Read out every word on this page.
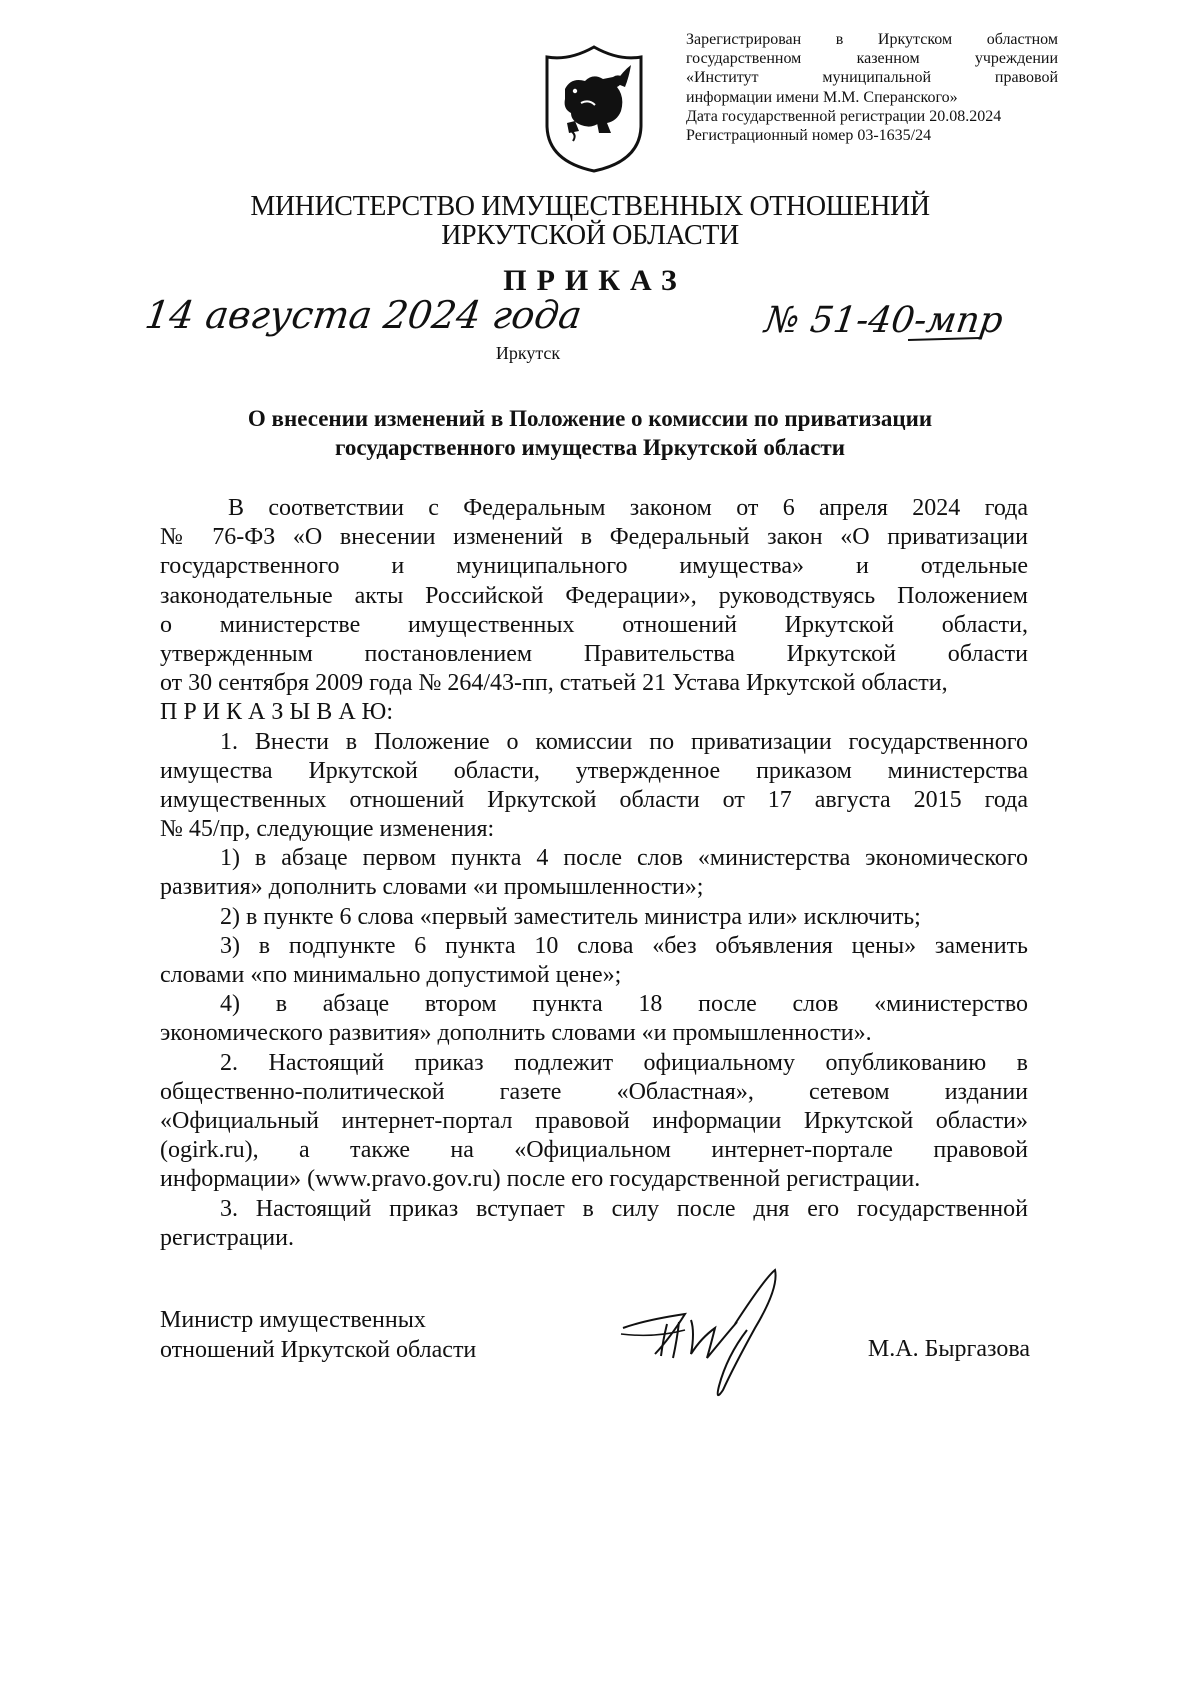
Зарегистрирован в Иркутском областном
государственном казенном учреждении
«Институт муниципальной правовой
информации имени М.М. Сперанского»
Дата государственной регистрации 20.08.2024
Регистрационный номер 03-1635/24
МИНИСТЕРСТВО ИМУЩЕСТВЕННЫХ ОТНОШЕНИЙ
ИРКУТСКОЙ ОБЛАСТИ
ПРИКАЗ
14 августа 2024 года	№ 51-40-мпр
Иркутск
О внесении изменений в Положение о комиссии по приватизации
государственного имущества Иркутской области
В соответствии с Федеральным законом от 6 апреля 2024 года
№ 76-ФЗ «О внесении изменений в Федеральный закон «О приватизации
государственного и муниципального имущества» и отдельные
законодательные акты Российской Федерации», руководствуясь Положением
о министерстве имущественных отношений Иркутской области,
утвержденным постановлением Правительства Иркутской области
от 30 сентября 2009 года № 264/43-пп, статьей 21 Устава Иркутской области,
П Р И К А З Ы В А Ю:
1. Внести в Положение о комиссии по приватизации государственного
имущества Иркутской области, утвержденное приказом министерства
имущественных отношений Иркутской области от 17 августа 2015 года
№ 45/пр, следующие изменения:
1) в абзаце первом пункта 4 после слов «министерства экономического
развития» дополнить словами «и промышленности»;
2) в пункте 6 слова «первый заместитель министра или» исключить;
3) в подпункте 6 пункта 10 слова «без объявления цены» заменить
словами «по минимально допустимой цене»;
4) в абзаце втором пункта 18 после слов «министерство
экономического развития» дополнить словами «и промышленности».
2. Настоящий приказ подлежит официальному опубликованию в
общественно-политической газете «Областная», сетевом издании
«Официальный интернет-портал правовой информации Иркутской области»
(ogirk.ru), а также на «Официальном интернет-портале правовой
информации» (www.pravo.gov.ru) после его государственной регистрации.
3. Настоящий приказ вступает в силу после дня его государственной
регистрации.
Министр имущественных
отношений Иркутской области	М.А. Быргазова
